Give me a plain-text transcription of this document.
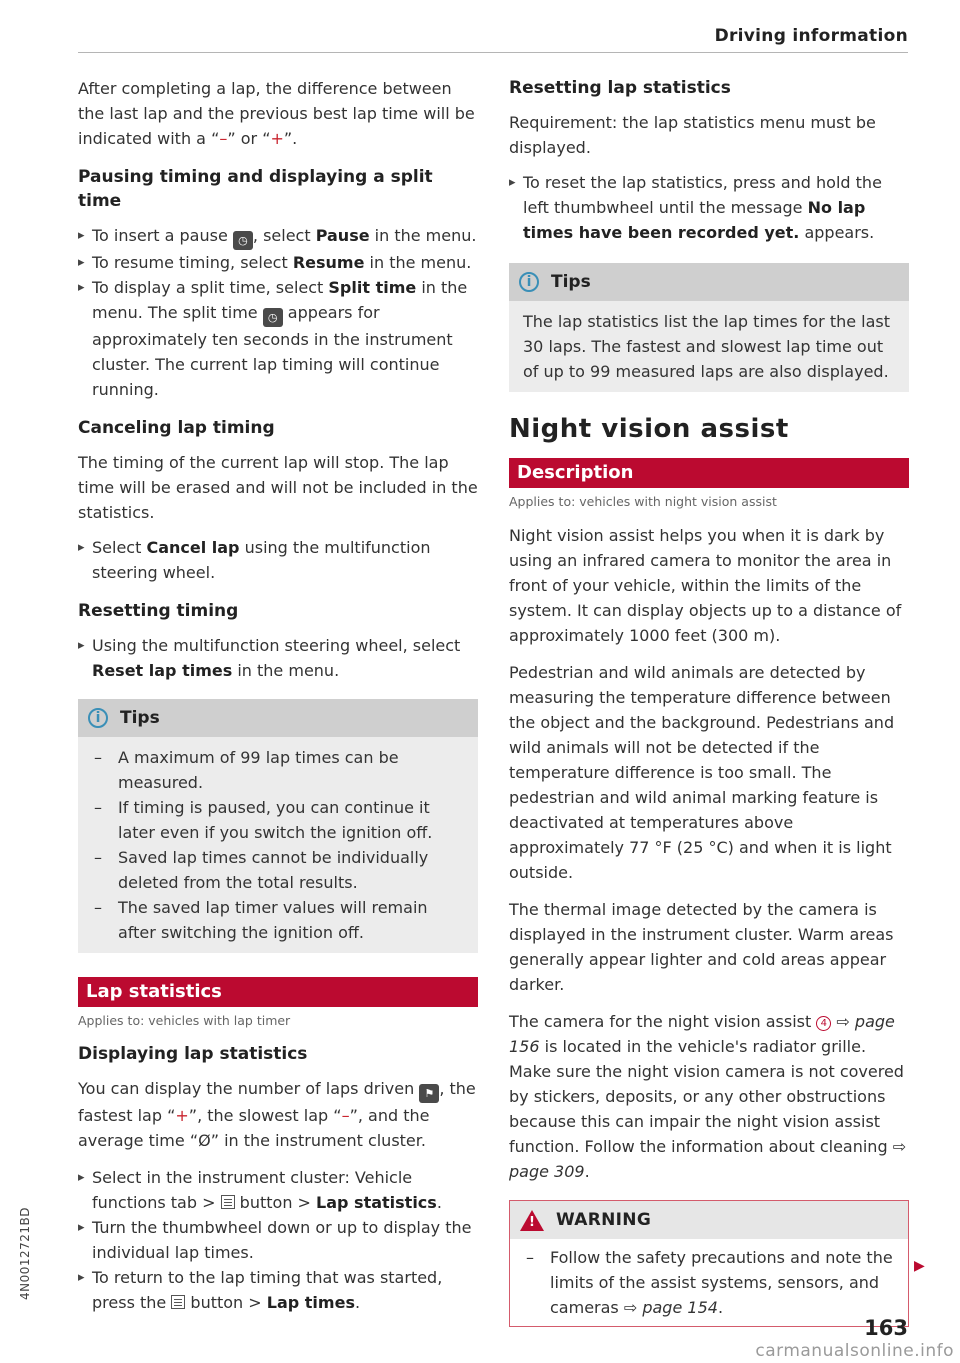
Driving information

After completing a lap, the difference between the last lap and the previous best lap time will be indicated with a “–” or “+”.

Pausing timing and displaying a split time
▸ To insert a pause ◷ , select Pause in the menu.
▸ To resume timing, select Resume in the menu.
▸ To display a split time, select Split time in the menu. The split time ◷ appears for approximately ten seconds in the instrument cluster. The current lap timing will continue running.
Canceling lap timing

The timing of the current lap will stop. The lap time will be erased and will not be included in the statistics.

▸ Select Cancel lap using the multifunction steering wheel.
Resetting timing
▸ Using the multifunction steering wheel, select Reset lap times in the menu.
i	Tips
– A maximum of 99 lap times can be measured.
– If timing is paused, you can continue it later even if you switch the ignition off.
– Saved lap times cannot be individually deleted from the total results.
– The saved lap timer values will remain after switching the ignition off.
Lap statistics
Applies to: vehicles with lap timer
Displaying lap statistics

You can display the number of laps driven ⚑ , the fastest lap “+”, the slowest lap “–”, and the average time “Ø” in the instrument cluster.

▸ Select in the instrument cluster: Vehicle functions tab >  button > Lap statistics.
▸ Turn the thumbwheel down or up to display the individual lap times.
▸ To return to the lap timing that was started, press the  button > Lap times.
Resetting lap statistics

Requirement: the lap statistics menu must be displayed.

▸ To reset the lap statistics, press and hold the left thumbwheel until the message No lap times have been recorded yet. appears.
i	Tips

The lap statistics list the lap times for the last 30 laps. The fastest and slowest lap time out of up to 99 measured laps are also displayed.

Night vision assist
Description
Applies to: vehicles with night vision assist

Night vision assist helps you when it is dark by using an infrared camera to monitor the area in front of your vehicle, within the limits of the system. It can display objects up to a distance of approximately 1000 feet (300 m).

Pedestrian and wild animals are detected by measuring the temperature difference between the object and the background. Pedestrians and wild animals will not be detected if the temperature difference is too small. The pedestrian and wild animal marking feature is deactivated at temperatures above approximately 77 °F (25 °C) and when it is light outside.

The thermal image detected by the camera is displayed in the instrument cluster. Warm areas generally appear lighter and cold areas appear darker.

The camera for the night vision assist 4 ⇨ page 156 is located in the vehicle's radiator grille. Make sure the night vision camera is not covered by stickers, deposits, or any other obstructions because this can impair the night vision assist function. Follow the information about cleaning ⇨ page 309.

! WARNING
– Follow the safety precautions and note the limits of the assist systems, sensors, and cameras ⇨ page 154.
▶
4N0012721BD
163
carmanualsonline.info
